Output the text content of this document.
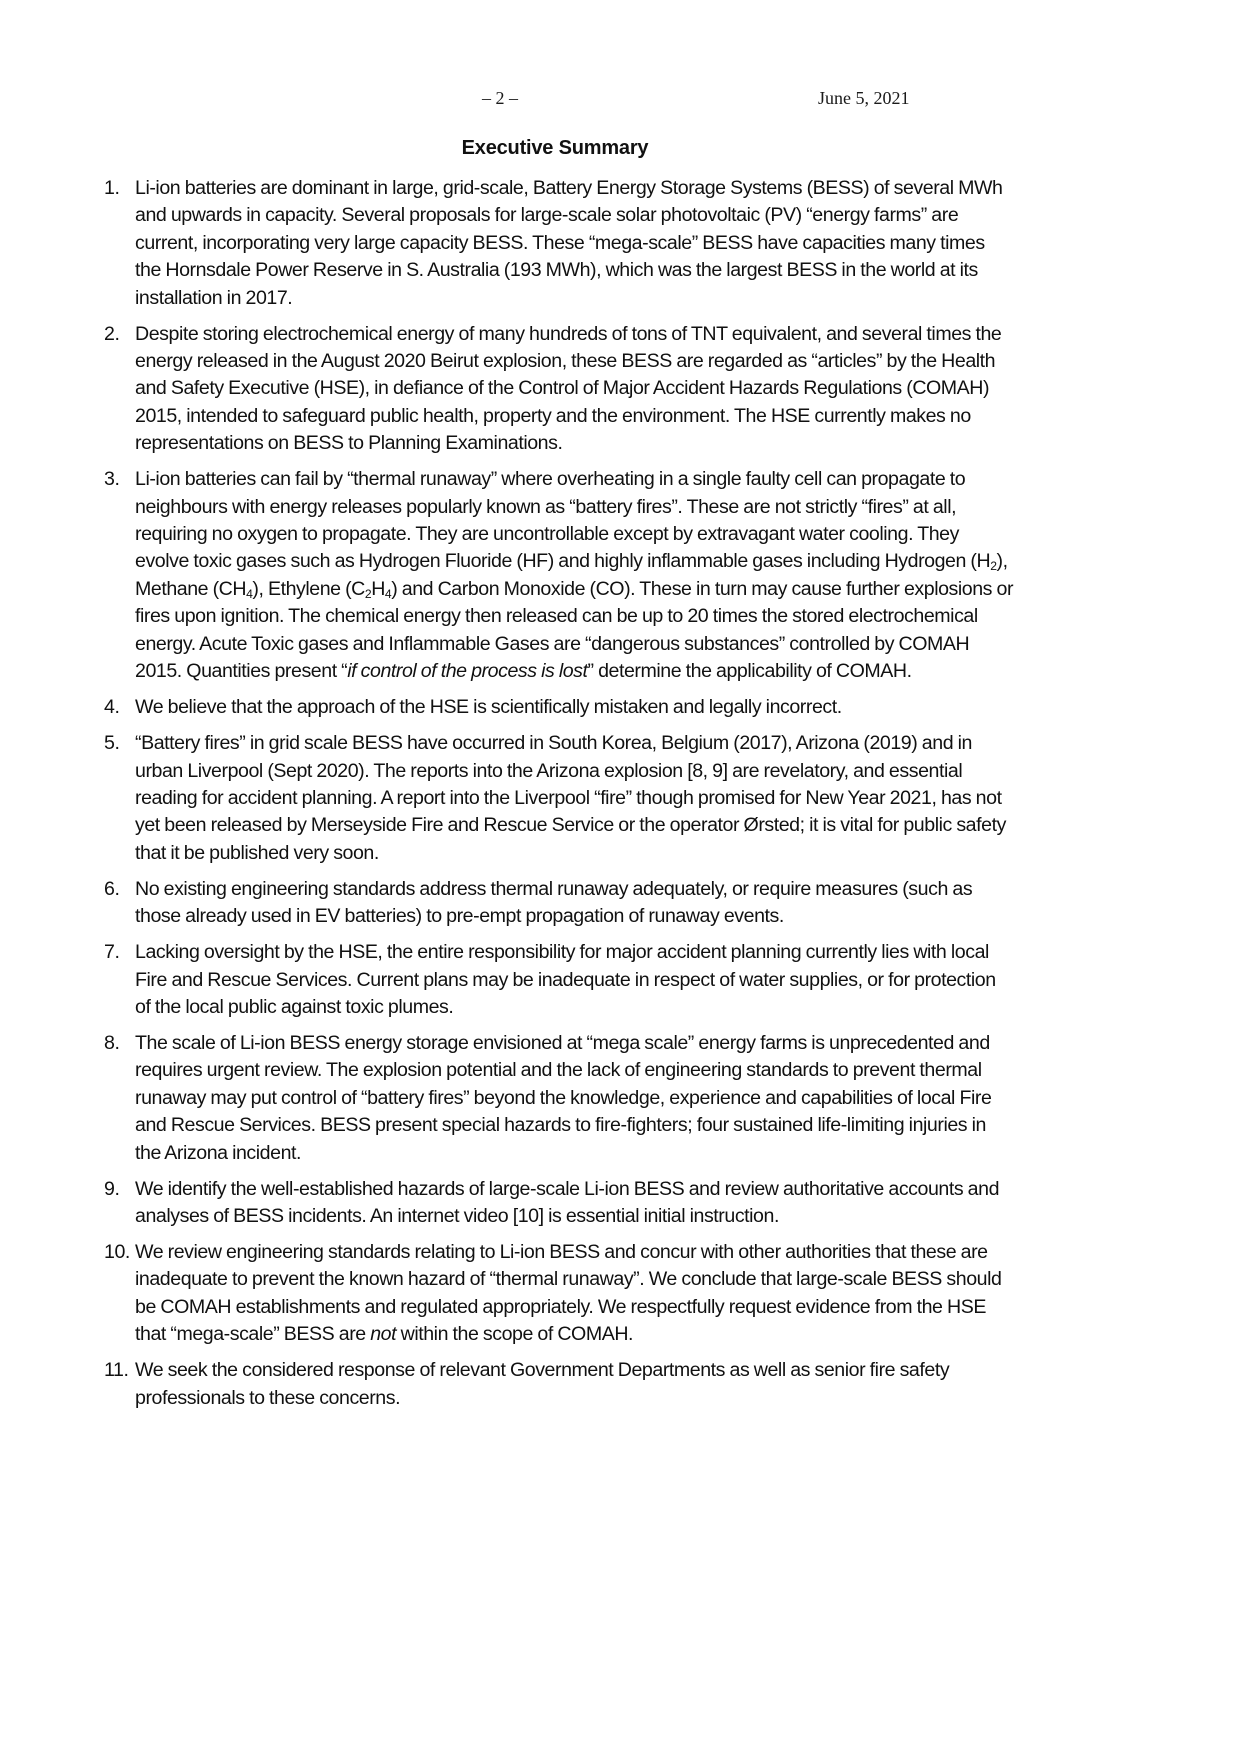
– 2 –	June 5, 2021
Executive Summary
1. Li-ion batteries are dominant in large, grid-scale, Battery Energy Storage Systems (BESS) of several MWh and upwards in capacity. Several proposals for large-scale solar photovoltaic (PV) “energy farms” are current, incorporating very large capacity BESS. These “mega-scale” BESS have capacities many times the Hornsdale Power Reserve in S. Australia (193 MWh), which was the largest BESS in the world at its installation in 2017.
2. Despite storing electrochemical energy of many hundreds of tons of TNT equivalent, and several times the energy released in the August 2020 Beirut explosion, these BESS are regarded as “articles” by the Health and Safety Executive (HSE), in defiance of the Control of Major Accident Hazards Regulations (COMAH) 2015, intended to safeguard public health, property and the environment. The HSE currently makes no representations on BESS to Planning Examinations.
3. Li-ion batteries can fail by “thermal runaway” where overheating in a single faulty cell can propagate to neighbours with energy releases popularly known as “battery fires”. These are not strictly “fires” at all, requiring no oxygen to propagate. They are uncontrollable except by extravagant water cooling. They evolve toxic gases such as Hydrogen Fluoride (HF) and highly inflammable gases including Hydrogen $(H_2)$, Methane $(CH_4)$, Ethylene $(C_2H_4)$ and Carbon Monoxide (CO). These in turn may cause further explosions or fires upon ignition. The chemical energy then released can be up to 20 times the stored electrochemical energy. Acute Toxic gases and Inflammable Gases are “dangerous substances” controlled by COMAH 2015. Quantities present “if control of the process is lost” determine the applicability of COMAH.
4. We believe that the approach of the HSE is scientifically mistaken and legally incorrect.
5. “Battery fires” in grid scale BESS have occurred in South Korea, Belgium (2017), Arizona (2019) and in urban Liverpool (Sept 2020). The reports into the Arizona explosion [8, 9] are revelatory, and essential reading for accident planning. A report into the Liverpool “fire” though promised for New Year 2021, has not yet been released by Merseyside Fire and Rescue Service or the operator Ørsted; it is vital for public safety that it be published very soon.
6. No existing engineering standards address thermal runaway adequately, or require measures (such as those already used in EV batteries) to pre-empt propagation of runaway events.
7. Lacking oversight by the HSE, the entire responsibility for major accident planning currently lies with local Fire and Rescue Services. Current plans may be inadequate in respect of water supplies, or for protection of the local public against toxic plumes.
8. The scale of Li-ion BESS energy storage envisioned at “mega scale” energy farms is unprecedented and requires urgent review. The explosion potential and the lack of engineering standards to prevent thermal runaway may put control of “battery fires” beyond the knowledge, experience and capabilities of local Fire and Rescue Services. BESS present special hazards to fire-fighters; four sustained life-limiting injuries in the Arizona incident.
9. We identify the well-established hazards of large-scale Li-ion BESS and review authoritative accounts and analyses of BESS incidents. An internet video [10] is essential initial instruction.
10. We review engineering standards relating to Li-ion BESS and concur with other authorities that these are inadequate to prevent the known hazard of “thermal runaway”. We conclude that large-scale BESS should be COMAH establishments and regulated appropriately. We respectfully request evidence from the HSE that “mega-scale” BESS are not within the scope of COMAH.
11. We seek the considered response of relevant Government Departments as well as senior fire safety professionals to these concerns.
